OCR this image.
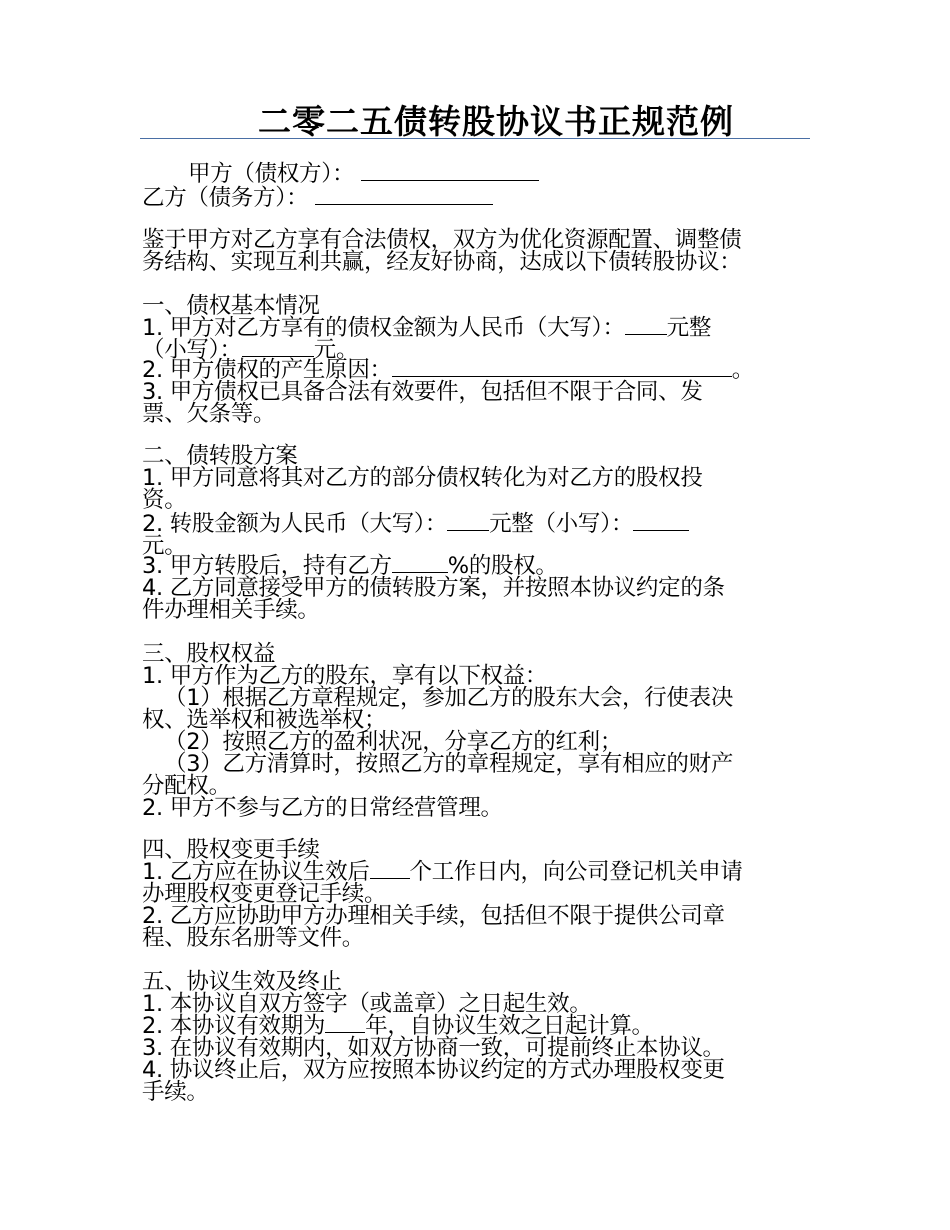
二零二五债转股协议书正规范例
甲方（债权方）：
乙方（债务方）：
鉴于甲方对乙方享有合法债权，双方为优化资源配置、调整债
务结构、实现互利共赢，经友好协商，达成以下债转股协议：
一、债权基本情况
1. 甲方对乙方享有的债权金额为人民币（大写）： 元整
（小写）：	元。
2. 甲方债权的产生原因：	。
3. 甲方债权已具备合法有效要件，包括但不限于合同、发
票、欠条等。
二、债转股方案
1. 甲方同意将其对乙方的部分债权转化为对乙方的股权投
资。
2. 转股金额为人民币（大写）： 元整（小写）：
元。
3. 甲方转股后，持有乙方 %的股权。
4. 乙方同意接受甲方的债转股方案，并按照本协议约定的条
件办理相关手续。
三、股权权益
1. 甲方作为乙方的股东，享有以下权益：
（1）根据乙方章程规定，参加乙方的股东大会，行使表决
权、选举权和被选举权；
（2）按照乙方的盈利状况，分享乙方的红利；
（3）乙方清算时，按照乙方的章程规定，享有相应的财产
分配权。
2. 甲方不参与乙方的日常经营管理。
四、股权变更手续
1. 乙方应在协议生效后 个工作日内，向公司登记机关申请
办理股权变更登记手续。
2. 乙方应协助甲方办理相关手续，包括但不限于提供公司章
程、股东名册等文件。
五、协议生效及终止
1. 本协议自双方签字（或盖章）之日起生效。
2. 本协议有效期为 年，自协议生效之日起计算。
3. 在协议有效期内，如双方协商一致，可提前终止本协议。
4. 协议终止后，双方应按照本协议约定的方式办理股权变更
手续。
